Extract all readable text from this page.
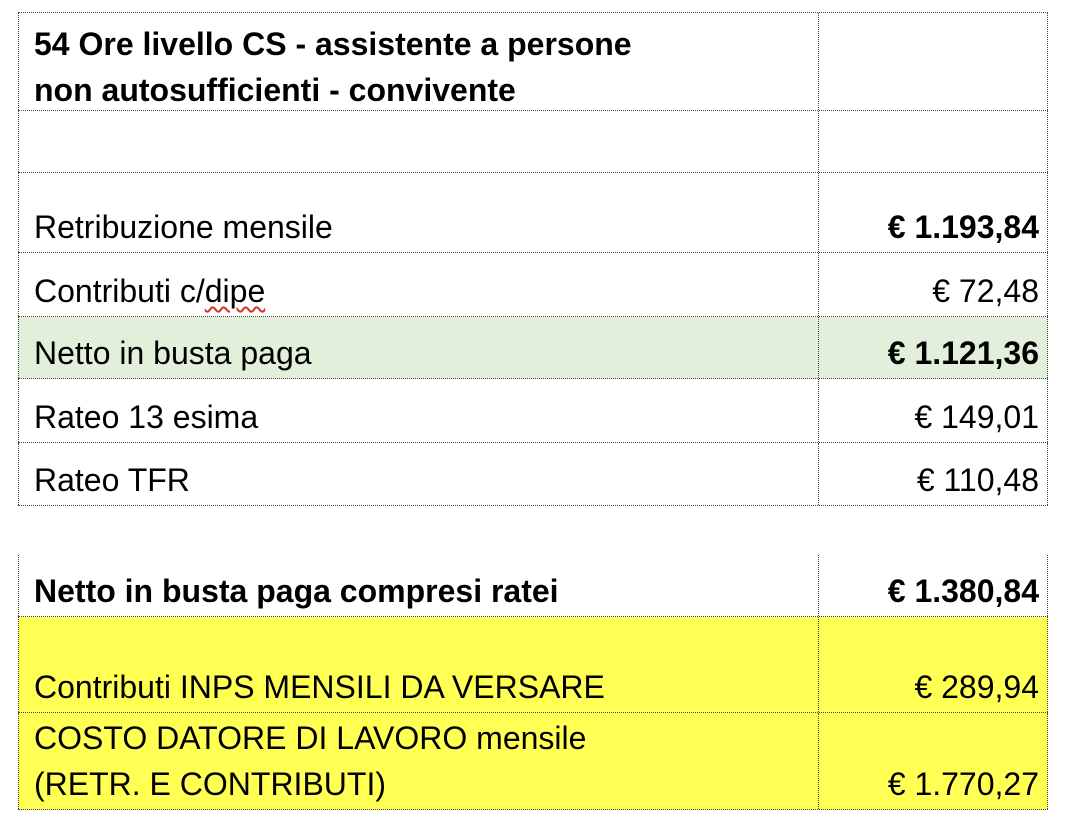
54 Ore livello CS - assistente a persone
non autosufficienti - convivente
Retribuzione mensile	€ 1.193,84
Contributi c/ dipe	€ 72,48
Netto in busta paga	€ 1.121,36
Rateo 13 esima	€ 149,01
Rateo TFR	€ 110,48
Netto in busta paga compresi ratei	€ 1.380,84
Contributi INPS MENSILI DA VERSARE	€ 289,94
COSTO DATORE DI LAVORO mensile
(RETR. E CONTRIBUTI)	€ 1.770,27
